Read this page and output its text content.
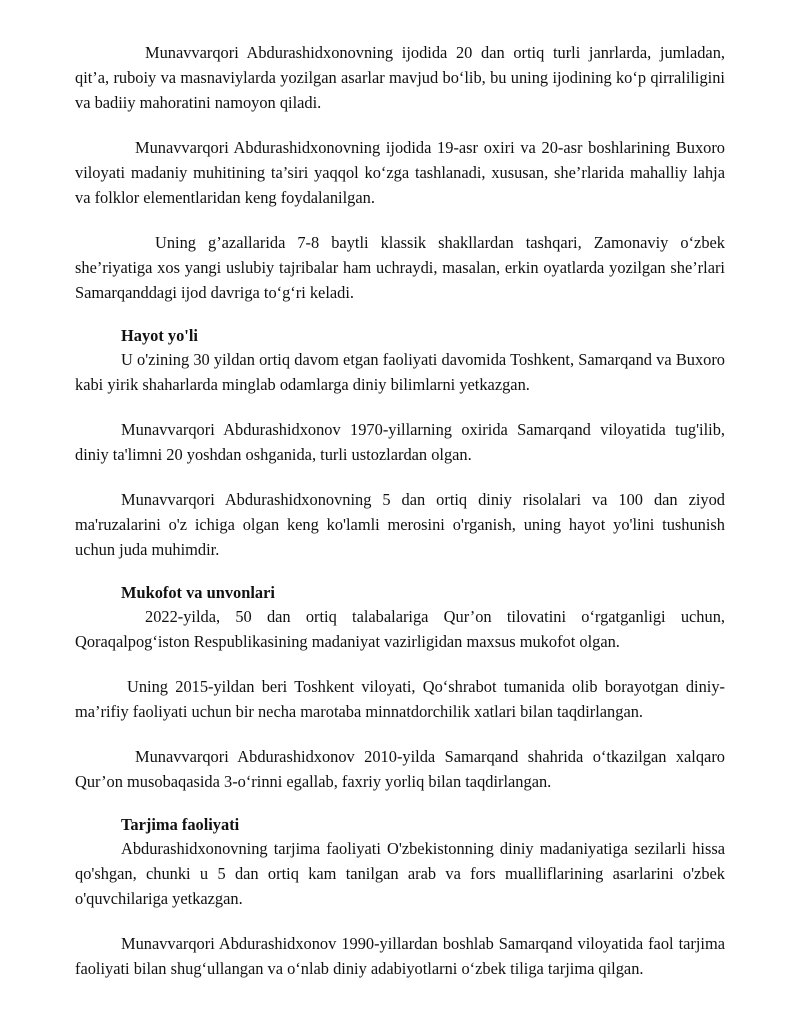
Munavvarqori Abdurashidxonovning ijodida 20 dan ortiq turli janrlarda, jumladan, qit’a, ruboiy va masnaviylarda yozilgan asarlar mavjud bo‘lib, bu uning ijodining ko‘p qirraliligini va badiiy mahoratini namoyon qiladi.

Munavvarqori Abdurashidxonovning ijodida 19-asr oxiri va 20-asr boshlarining Buxoro viloyati madaniy muhitining ta’siri yaqqol ko‘zga tashlanadi, xususan, she’rlarida mahalliy lahja va folklor elementlaridan keng foydalanilgan.

Uning g’azallarida 7-8 baytli klassik shakllardan tashqari, Zamonaviy o‘zbek she’riyatiga xos yangi uslubiy tajribalar ham uchraydi, masalan, erkin oyatlarda yozilgan she’rlari Samarqanddagi ijod davriga to‘g‘ri keladi.

Hayot yo'li

U o'zining 30 yildan ortiq davom etgan faoliyati davomida Toshkent, Samarqand va Buxoro kabi yirik shaharlarda minglab odamlarga diniy bilimlarni yetkazgan.

Munavvarqori Abdurashidxonov 1970-yillarning oxirida Samarqand viloyatida tug'ilib, diniy ta'limni 20 yoshdan oshganida, turli ustozlardan olgan.

Munavvarqori Abdurashidxonovning 5 dan ortiq diniy risolalari va 100 dan ziyod ma'ruzalarini o'z ichiga olgan keng ko'lamli merosini o'rganish, uning hayot yo'lini tushunish uchun juda muhimdir.

Mukofot va unvonlari

2022-yilda, 50 dan ortiq talabalariga Qur’on tilovatini o‘rgatganligi uchun, Qoraqalpog‘iston Respublikasining madaniyat vazirligidan maxsus mukofot olgan.

Uning 2015-yildan beri Toshkent viloyati, Qo‘shrabot tumanida olib borayotgan diniy-ma’rifiy faoliyati uchun bir necha marotaba minnatdorchilik xatlari bilan taqdirlangan.

Munavvarqori Abdurashidxonov 2010-yilda Samarqand shahrida o‘tkazilgan xalqaro Qur’on musobaqasida 3-o‘rinni egallab, faxriy yorliq bilan taqdirlangan.

Tarjima faoliyati

Abdurashidxonovning tarjima faoliyati O'zbekistonning diniy madaniyatiga sezilarli hissa qo'shgan, chunki u 5 dan ortiq kam tanilgan arab va fors mualliflarining asarlarini o'zbek o'quvchilariga yetkazgan.

Munavvarqori Abdurashidxonov 1990-yillardan boshlab Samarqand viloyatida faol tarjima faoliyati bilan shug‘ullangan va o‘nlab diniy adabiyotlarni o‘zbek tiliga tarjima qilgan.
